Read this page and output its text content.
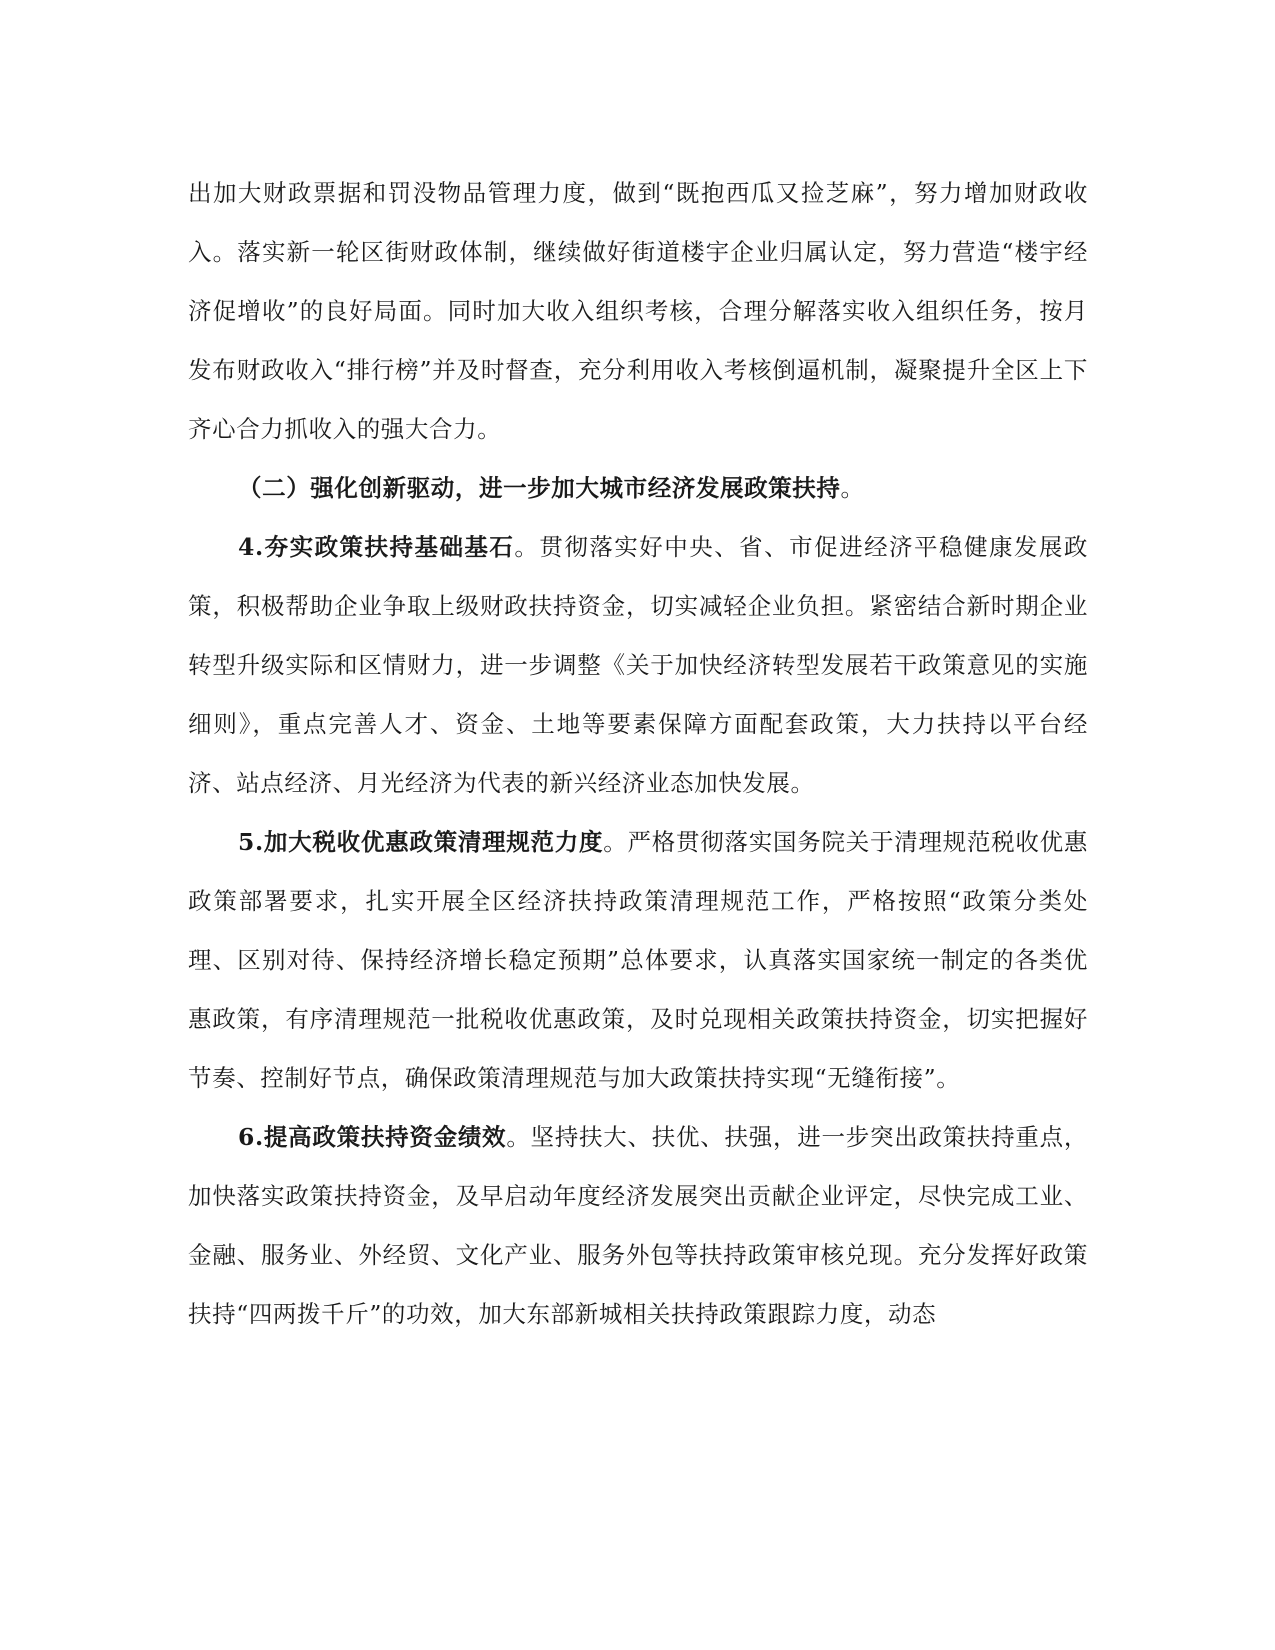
出加大财政票据和罚没物品管理力度，做到“既抱西瓜又捡芝麻”，努力增加财政收入。落实新一轮区街财政体制，继续做好街道楼宇企业归属认定，努力营造“楼宇经济促增收”的良好局面。同时加大收入组织考核，合理分解落实收入组织任务，按月发布财政收入“排行榜”并及时督查，充分利用收入考核倒逼机制，凝聚提升全区上下齐心合力抓收入的强大合力。

（二）强化创新驱动，进一步加大城市经济发展政策扶持。

4.夯实政策扶持基础基石。贯彻落实好中央、省、市促进经济平稳健康发展政策，积极帮助企业争取上级财政扶持资金，切实减轻企业负担。紧密结合新时期企业转型升级实际和区情财力，进一步调整《关于加快经济转型发展若干政策意见的实施细则》，重点完善人才、资金、土地等要素保障方面配套政策，大力扶持以平台经济、站点经济、月光经济为代表的新兴经济业态加快发展。

5.加大税收优惠政策清理规范力度。严格贯彻落实国务院关于清理规范税收优惠政策部署要求，扎实开展全区经济扶持政策清理规范工作，严格按照“政策分类处理、区别对待、保持经济增长稳定预期”总体要求，认真落实国家统一制定的各类优惠政策，有序清理规范一批税收优惠政策，及时兑现相关政策扶持资金，切实把握好节奏、控制好节点，确保政策清理规范与加大政策扶持实现“无缝衔接”。

6.提高政策扶持资金绩效。坚持扶大、扶优、扶强，进一步突出政策扶持重点，加快落实政策扶持资金，及早启动年度经济发展突出贡献企业评定，尽快完成工业、金融、服务业、外经贸、文化产业、服务外包等扶持政策审核兑现。充分发挥好政策扶持“四两拨千斤”的功效，加大东部新城相关扶持政策跟踪力度，动态
